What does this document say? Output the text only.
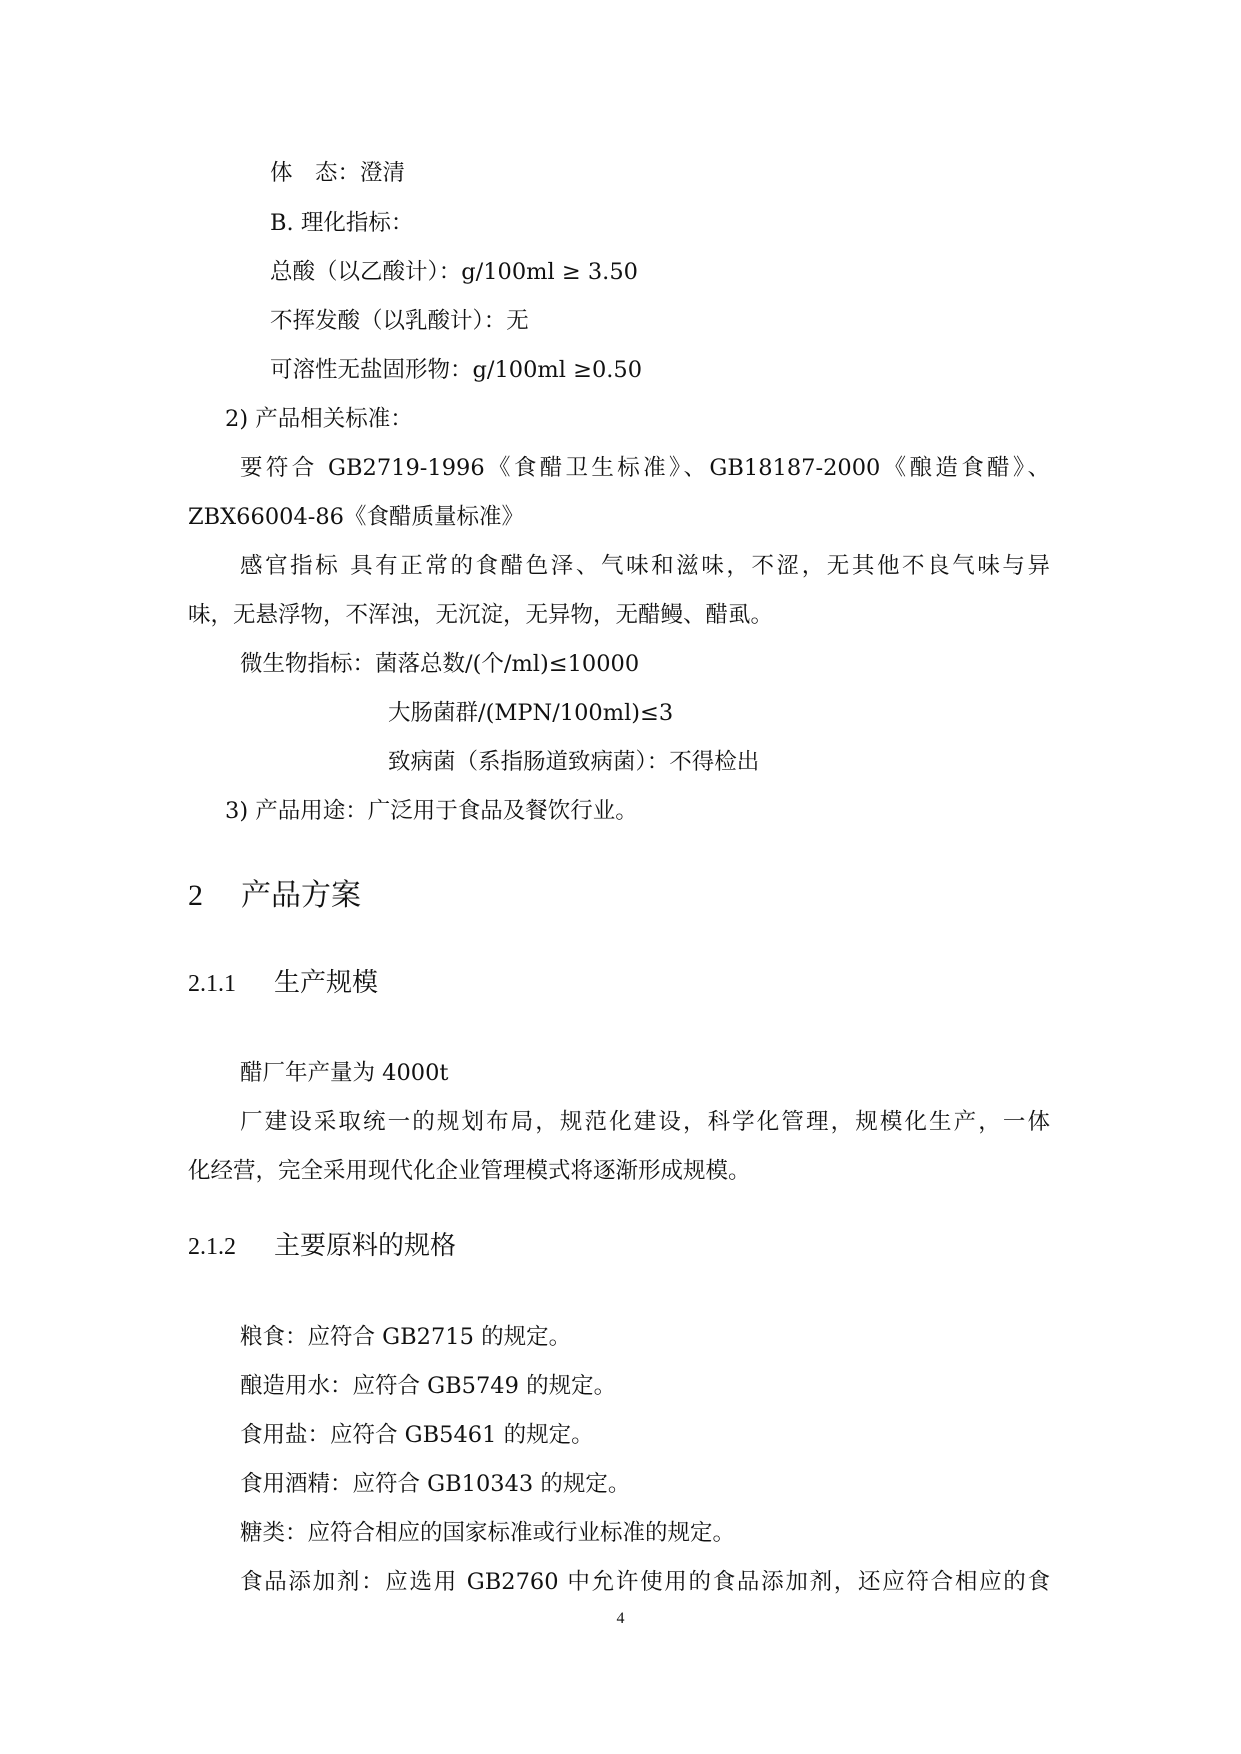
体　态：澄清
B. 理化指标：
总酸（以乙酸计）：g/100ml ≥ 3.50
不挥发酸（以乳酸计）：无
可溶性无盐固形物：g/100ml ≥0.50
2) 产品相关标准：
要符合 GB2719-1996《食醋卫生标准》、GB18187-2000《酿造食醋》、
ZBX66004-86《食醋质量标准》
感官指标 具有正常的食醋色泽、气味和滋味，不涩，无其他不良气味与异
味，无悬浮物，不浑浊，无沉淀，无异物，无醋鳗、醋虱。
微生物指标：菌落总数/(个/ml)≤10000
大肠菌群/(MPN/100ml)≤3
致病菌（系指肠道致病菌）：不得检出
3) 产品用途：广泛用于食品及餐饮行业。
2 产品方案
2.1.1 生产规模
醋厂年产量为 4000t
厂建设采取统一的规划布局，规范化建设，科学化管理，规模化生产，一体
化经营，完全采用现代化企业管理模式将逐渐形成规模。
2.1.2 主要原料的规格
粮食：应符合 GB2715 的规定。
酿造用水：应符合 GB5749 的规定。
食用盐：应符合 GB5461 的规定。
食用酒精：应符合 GB10343 的规定。
糖类：应符合相应的国家标准或行业标准的规定。
食品添加剂：应选用 GB2760 中允许使用的食品添加剂，还应符合相应的食
4
